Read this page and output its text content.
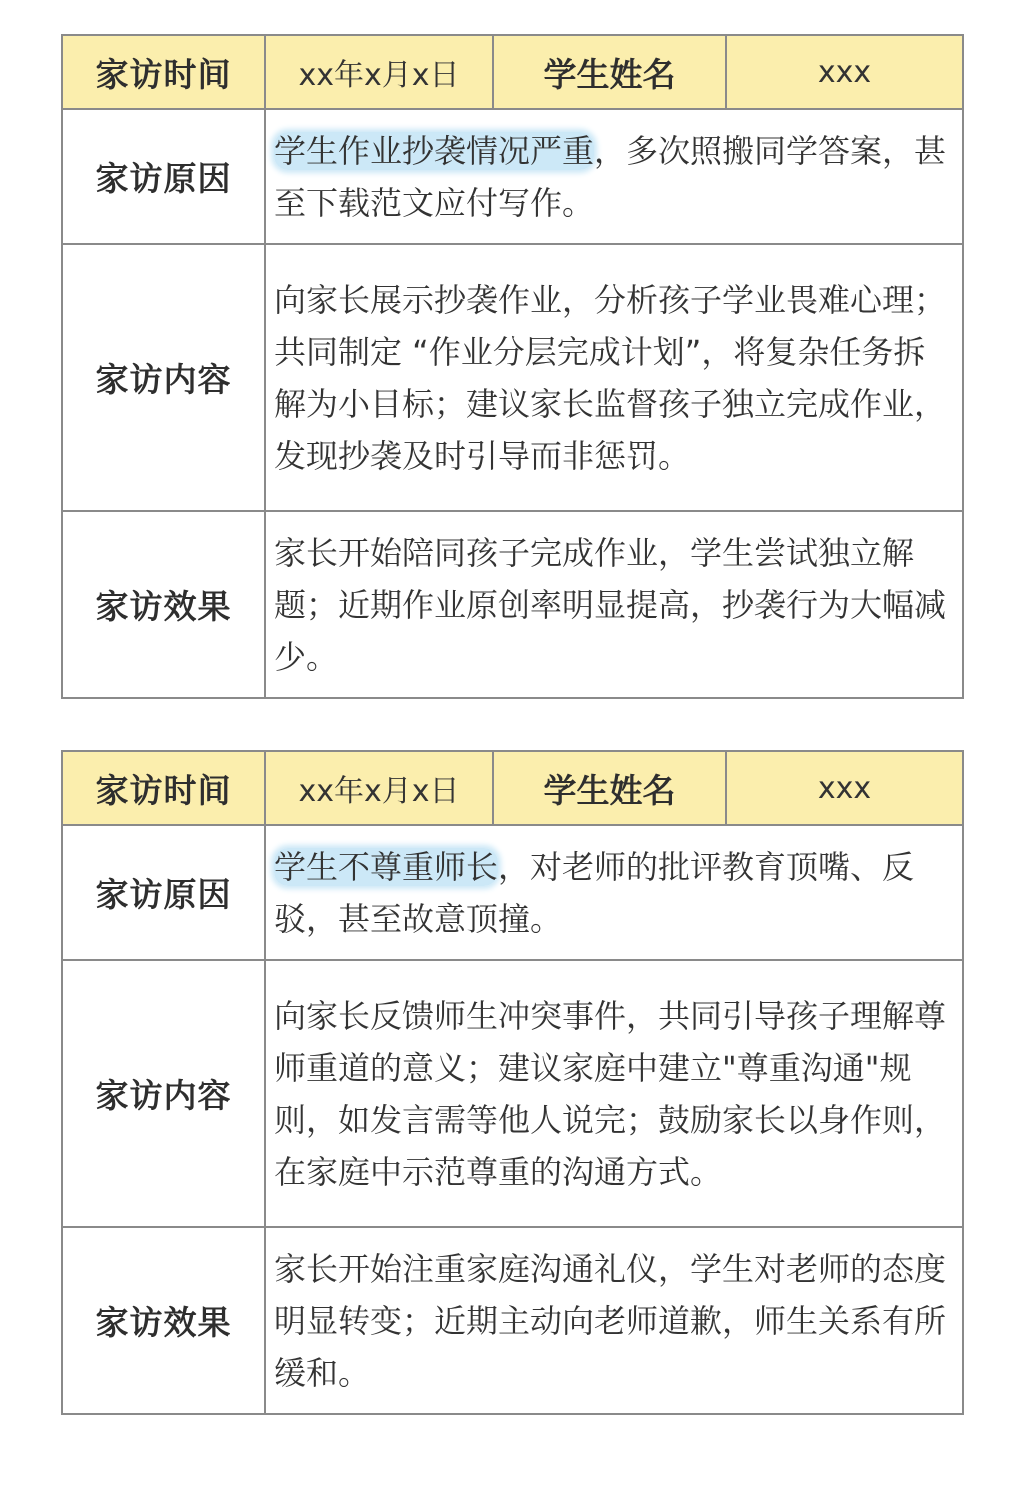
家访时间	xx年x月x日	学生姓名	xxx
家访原因	学生作业抄袭情况严重，多次照搬同学答案，甚至下载范文应付写作。		
家访内容	向家长展示抄袭作业，分析孩子学业畏难心理；共同制定 “作业分层完成计划”，将复杂任务拆解为小目标；建议家长监督孩子独立完成作业，发现抄袭及时引导而非惩罚。		
家访效果	家长开始陪同孩子完成作业，学生尝试独立解题；近期作业原创率明显提高，抄袭行为大幅减少。		
家访时间	xx年x月x日	学生姓名	xxx
家访原因	学生不尊重师长，对老师的批评教育顶嘴、反驳，甚至故意顶撞。		
家访内容	向家长反馈师生冲突事件，共同引导孩子理解尊师重道的意义；建议家庭中建立"尊重沟通"规则，如发言需等他人说完；鼓励家长以身作则，在家庭中示范尊重的沟通方式。		
家访效果	家长开始注重家庭沟通礼仪，学生对老师的态度明显转变；近期主动向老师道歉，师生关系有所缓和。		
